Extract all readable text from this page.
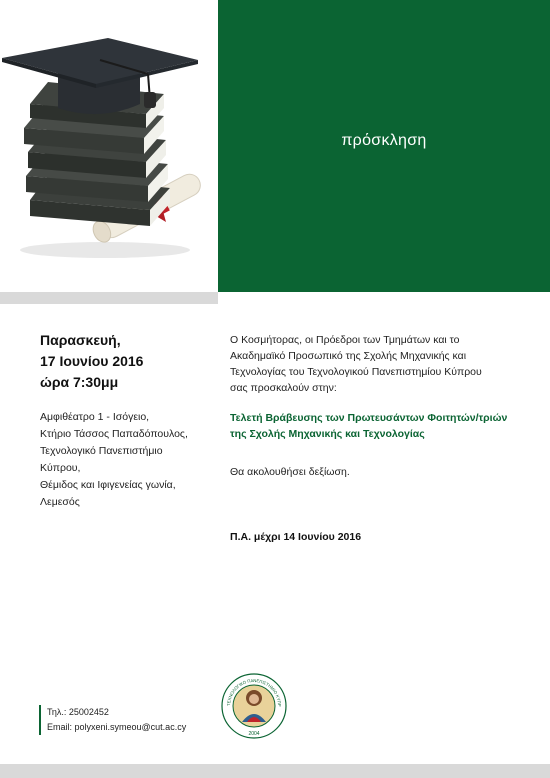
πρόσκληση
Παρασκευή,
17 Ιουνίου 2016
ώρα 7:30μμ
Αμφιθέατρο 1 - Ισόγειο,
Κτήριο Τάσσος Παπαδόπουλος,
Τεχνολογικό Πανεπιστήμιο
Κύπρου,
Θέμιδος και Ιφιγενείας γωνία,
Λεμεσός
Ο Κοσμήτορας, οι Πρόεδροι των Τμημάτων και το
Ακαδημαϊκό Προσωπικό της Σχολής Μηχανικής και
Τεχνολογίας του Τεχνολογικού Πανεπιστημίου Κύπρου
σας προσκαλούν στην:
Τελετή Βράβευσης των Πρωτευσάντων Φοιτητών/τριών
της Σχολής Μηχανικής και Τεχνολογίας
Θα ακολουθήσει δεξίωση.
Π.Α. μέχρι 14 Ιουνίου 2016
Τηλ.: 25002452
Email: polyxeni.symeou@cut.ac.cy
ΤΕΧΝΟΛΟΓΙΚΟ ΠΑΝΕΠΙΣΤΗΜΙΟ ΚΥΠΡ
2004
